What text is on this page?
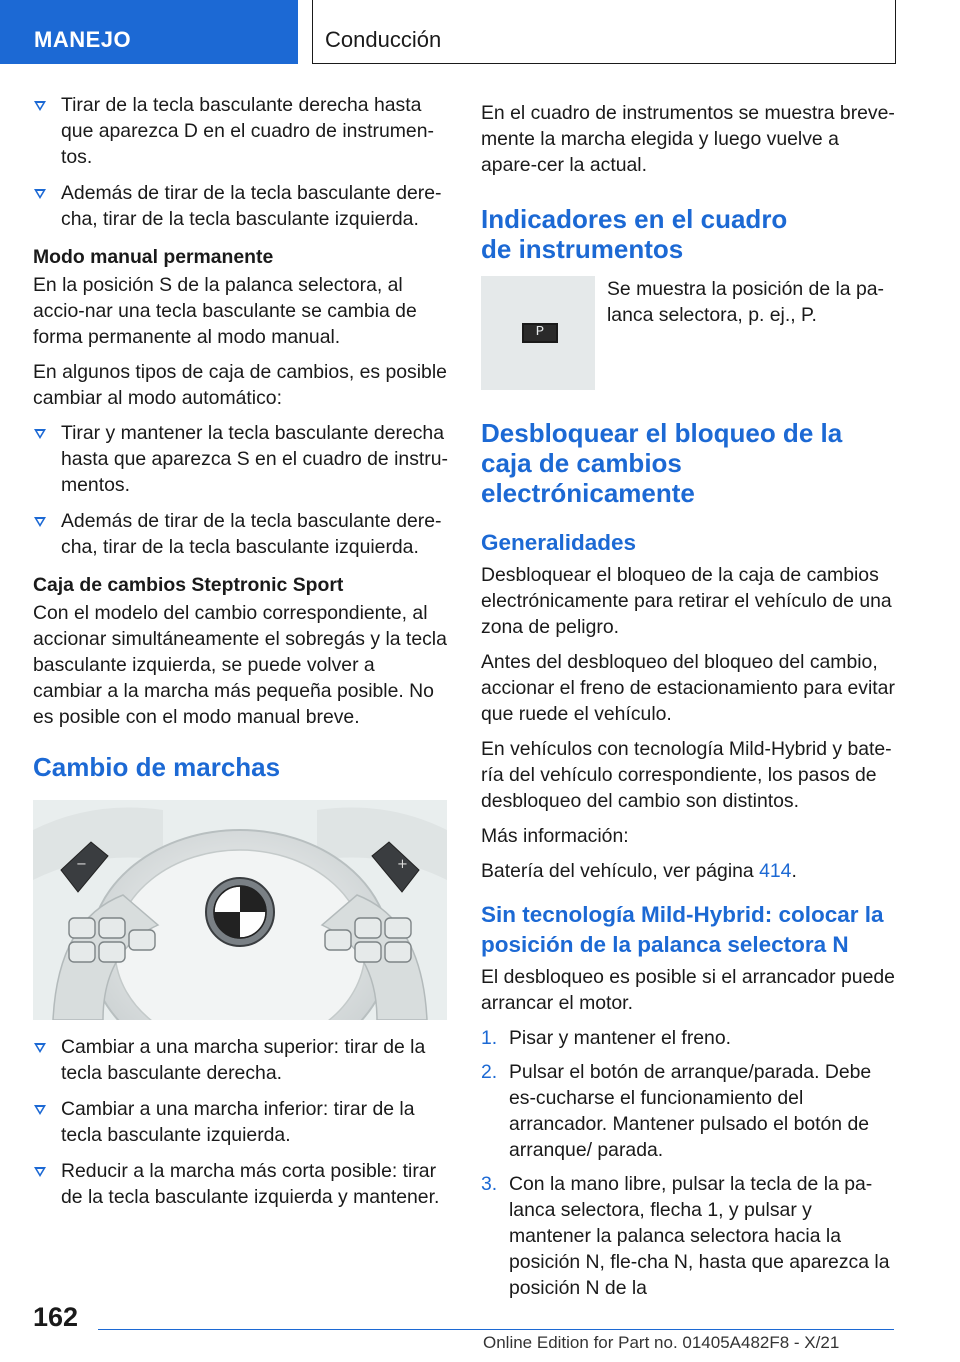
MANEJO	Conducción
Tirar de la tecla basculante derecha hasta que aparezca D en el cuadro de instrumen‐tos.
Además de tirar de la tecla basculante dere‐cha, tirar de la tecla basculante izquierda.
Modo manual permanente

En la posición S de la palanca selectora, al accio‐nar una tecla basculante se cambia de forma permanente al modo manual.

En algunos tipos de caja de cambios, es posible cambiar al modo automático:

Tirar y mantener la tecla basculante derecha hasta que aparezca S en el cuadro de instru‐mentos.
Además de tirar de la tecla basculante dere‐cha, tirar de la tecla basculante izquierda.
Caja de cambios Steptronic Sport

Con el modelo del cambio correspondiente, al accionar simultáneamente el sobregás y la tecla basculante izquierda, se puede volver a cambiar a la marcha más pequeña posible. No es posible con el modo manual breve.

Cambio de marchas
−	+
Cambiar a una marcha superior: tirar de la tecla basculante derecha.
Cambiar a una marcha inferior: tirar de la tecla basculante izquierda.
Reducir a la marcha más corta posible: tirar de la tecla basculante izquierda y mantener.

En el cuadro de instrumentos se muestra breve‐mente la marcha elegida y luego vuelve a apare‐cer la actual.

Indicadores en el cuadro de instrumentos
P
Se muestra la posición de la pa‐lanca selectora, p. ej., P.
Desbloquear el bloqueo de la caja de cambios electrónicamente
Generalidades

Desbloquear el bloqueo de la caja de cambios electrónicamente para retirar el vehículo de una zona de peligro.

Antes del desbloqueo del bloqueo del cambio, accionar el freno de estacionamiento para evitar que ruede el vehículo.

En vehículos con tecnología Mild-Hybrid y bate‐ría del vehículo correspondiente, los pasos de desbloqueo del cambio son distintos.

Más información:

Batería del vehículo, ver página 414.

Sin tecnología Mild-Hybrid: colocar la posición de la palanca selectora N

El desbloqueo es posible si el arrancador puede arrancar el motor.

1. Pisar y mantener el freno.
2. Pulsar el botón de arranque/parada. Debe es‐cucharse el funcionamiento del arrancador. Mantener pulsado el botón de arranque/ parada.
3. Con la mano libre, pulsar la tecla de la pa‐lanca selectora, flecha 1, y pulsar y mantener la palanca selectora hacia la posición N, fle‐cha N, hasta que aparezca la posición N de la
162
Online Edition for Part no. 01405A482F8 - X/21
